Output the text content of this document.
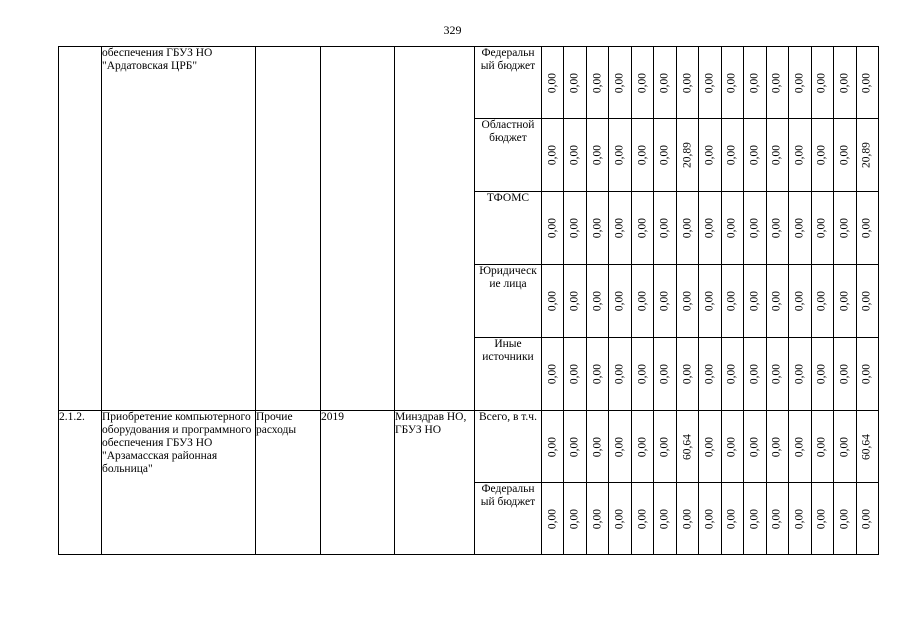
329
	обеспечения ГБУЗ НО "Ардатовская ЦРБ"				Федеральн ый бюджет	0,00	0,00	0,00	0,00	0,00	0,00	0,00	0,00	0,00	0,00	0,00	0,00	0,00	0,00	0,00

					Областной бюджет	0,00	0,00	0,00	0,00	0,00	0,00	20,89	0,00	0,00	0,00	0,00	0,00	0,00	0,00	20,89

					ТФОМС	0,00	0,00	0,00	0,00	0,00	0,00	0,00	0,00	0,00	0,00	0,00	0,00	0,00	0,00	0,00

					Юридическ ие лица	0,00	0,00	0,00	0,00	0,00	0,00	0,00	0,00	0,00	0,00	0,00	0,00	0,00	0,00	0,00

					Иные источники	0,00	0,00	0,00	0,00	0,00	0,00	0,00	0,00	0,00	0,00	0,00	0,00	0,00	0,00	0,00

2.1.2.	Приобретение компьютерного оборудования и программного обеспечения ГБУЗ НО "Арзамасская районная больница"	Прочие расходы	2019	Минздрав НО, ГБУЗ НО	Всего, в т.ч.	0,00	0,00	0,00	0,00	0,00	0,00	60,64	0,00	0,00	0,00	0,00	0,00	0,00	0,00	60,64

					Федеральн ый бюджет	0,00	0,00	0,00	0,00	0,00	0,00	0,00	0,00	0,00	0,00	0,00	0,00	0,00	0,00	0,00
